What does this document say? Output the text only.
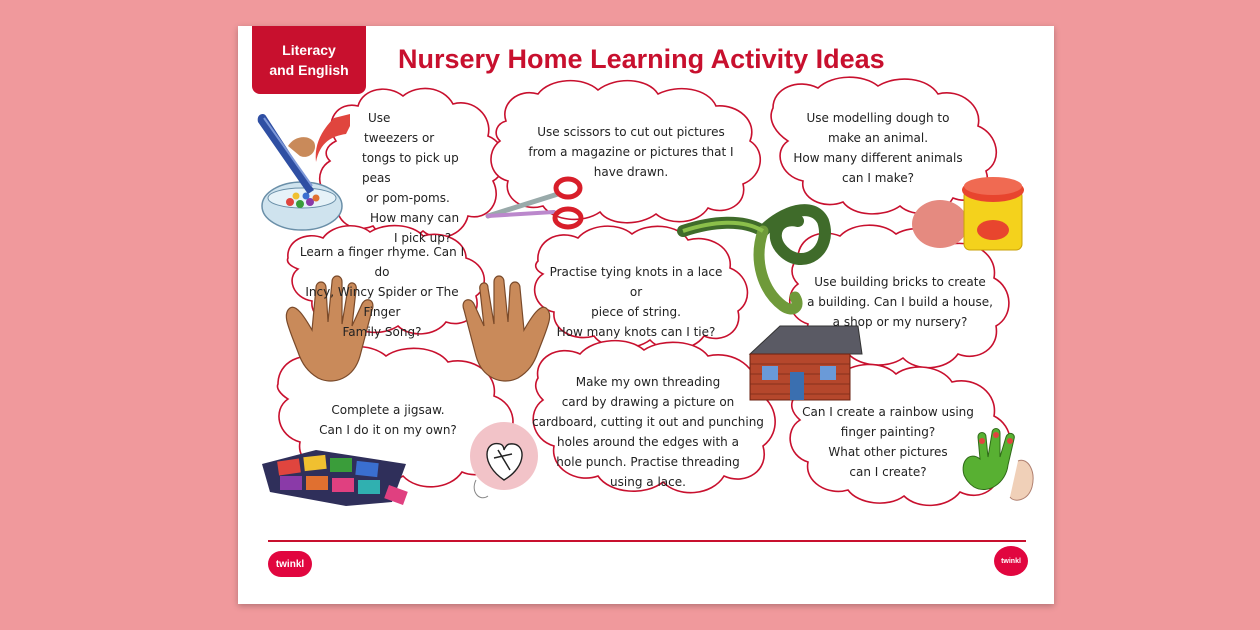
Literacy
and English Nursery Home Learning Activity Ideas
Use
tweezers or
tongs to pick up peas
or pom-poms.
How many can
I pick up?
Use scissors to cut out pictures
from a magazine or pictures that I
have drawn.
Use modelling dough to
make an animal.
How many different animals
can I make?
Learn a finger rhyme. Can I do
Incy, Wincy Spider or The Finger
Family Song?
Practise tying knots in a lace or
piece of string.
How many knots can I tie?
Use building bricks to create
a building. Can I build a house,
a shop or my nursery?
Complete a jigsaw.
Can I do it on my own?
Make my own threading
card by drawing a picture on
cardboard, cutting it out and punching
holes around the edges with a
hole punch. Practise threading
using a lace.
Can I create a rainbow using
finger painting?
What other pictures
can I create?
twinkl	twinkl
